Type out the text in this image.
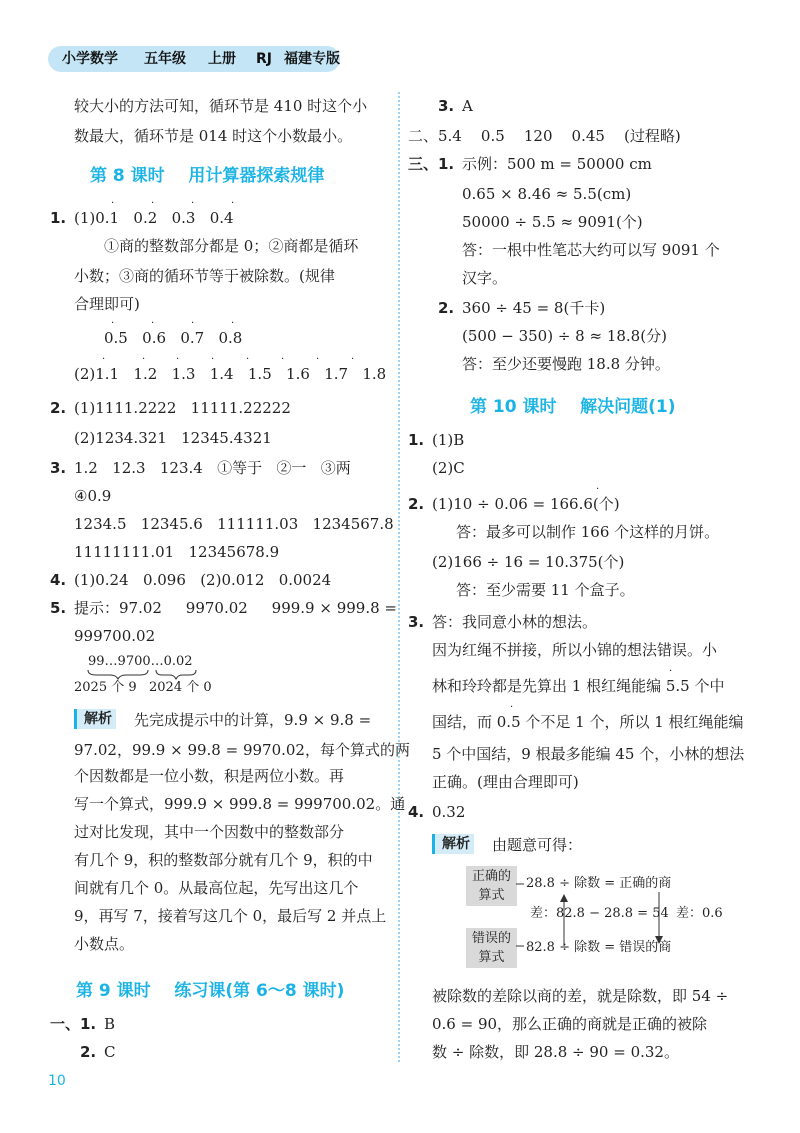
小学数学 五年级 上册 RJ 福建专版
较大小的方法可知，循环节是 410 时这个小
数最大，循环节是 014 时这个小数最小。
第 8 课时    用计算器探索规律
1. (1)0.1   0.2   0.3   0.4
·	·	·	·
①商的整数部分都是 0；②商都是循环
小数；③商的循环节等于被除数。(规律
合理即可)
0.5   0.6   0.7   0.8
·	·	·	·
(2)1.1   1.2   1.3   1.4   1.5   1.6   1.7   1.8
·	·	·	·	·	·	·	·
2. (1)1111.2222   11111.22222
(2)1234.321   12345.4321
3. 1.2   12.3   123.4   ①等于   ②一   ③两
④0.9
1234.5   12345.6   111111.03   1234567.8
11111111.01   12345678.9
4. (1)0.24   0.096   (2)0.012   0.0024
5. 提示：97.02     9970.02     999.9 × 999.8 =
999700.02
99…9700…0.02
2025 个 9   2024 个 0
解析 先完成提示中的计算，9.9 × 9.8 =
97.02，99.9 × 99.8 = 9970.02，每个算式的两
个因数都是一位小数，积是两位小数。再
写一个算式，999.9 × 999.8 = 999700.02。通
过对比发现，其中一个因数中的整数部分
有几个 9，积的整数部分就有几个 9，积的中
间就有几个 0。从最高位起，先写出这几个
9，再写 7，接着写这几个 0，最后写 2 并点上
小数点。
第 9 课时    练习课(第 6～8 课时)
一、1. B
2. C
10
3. A
二、5.4    0.5    120    0.45    (过程略)
三、1. 示例：500 m = 50000 cm
0.65 × 8.46 ≈ 5.5(cm)
50000 ÷ 5.5 ≈ 9091(个)
答：一根中性笔芯大约可以写 9091 个
汉字。
2. 360 ÷ 45 = 8(千卡)
(500 − 350) ÷ 8 ≈ 18.8(分)
答：至少还要慢跑 18.8 分钟。
第 10 课时    解决问题(1)
1. (1)B
(2)C
2. (1)10 ÷ 0.06 = 166.6(个)
·
答：最多可以制作 166 个这样的月饼。
(2)166 ÷ 16 = 10.375(个)
答：至少需要 11 个盒子。
3. 答：我同意小林的想法。
因为红绳不拼接，所以小锦的想法错误。小
林和玲玲都是先算出 1 根红绳能编 5.5 个中
·
国结，而 0.5 个不足 1 个，所以 1 根红绳能编
·
5 个中国结，9 根最多能编 45 个，小林的想法
正确。(理由合理即可)
4. 0.32
解析 由题意可得：
正确的
算式
错误的
算式
28.8 ÷ 除数 = 正确的商
差：82.8 − 28.8 = 54 差：0.6
82.8 ÷ 除数 = 错误的商
被除数的差除以商的差，就是除数，即 54 ÷
0.6 = 90，那么正确的商就是正确的被除
数 ÷ 除数，即 28.8 ÷ 90 = 0.32。
